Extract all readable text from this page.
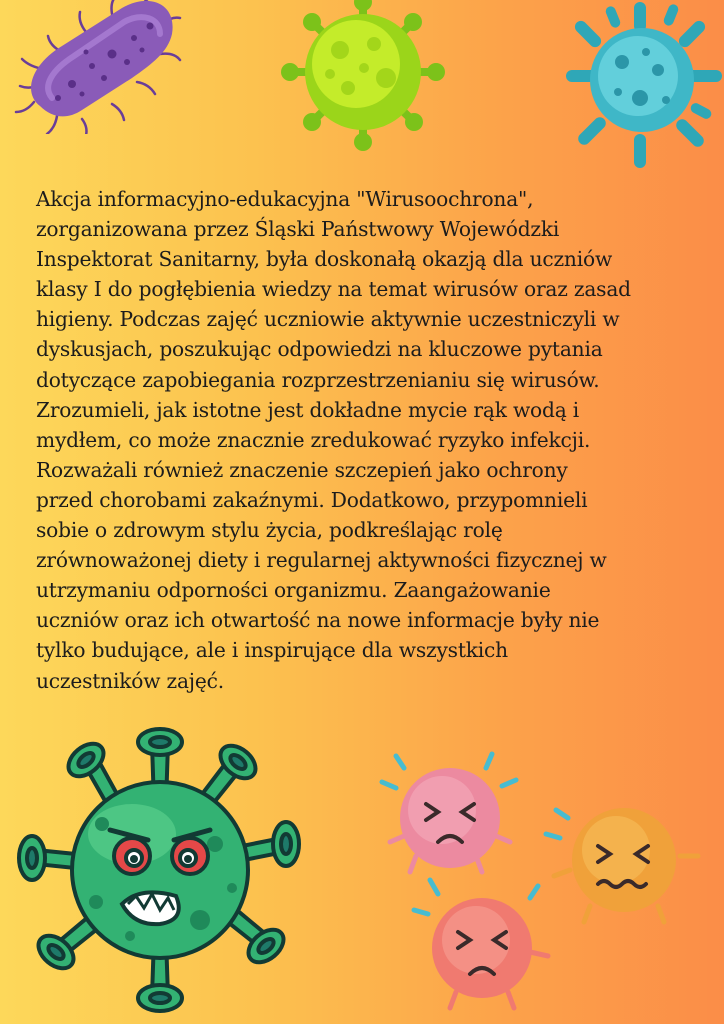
Akcja informacyjno-edukacyjna "Wirusoochrona",
zorganizowana przez Śląski Państwowy Wojewódzki
Inspektorat Sanitarny, była doskonałą okazją dla uczniów
klasy I do pogłębienia wiedzy na temat wirusów oraz zasad
higieny. Podczas zajęć uczniowie aktywnie uczestniczyli w
dyskusjach, poszukując odpowiedzi na kluczowe pytania
dotyczące zapobiegania rozprzestrzenianiu się wirusów.
Zrozumieli, jak istotne jest dokładne mycie rąk wodą i
mydłem, co może znacznie zredukować ryzyko infekcji.
Rozważali również znaczenie szczepień jako ochrony
przed chorobami zakaźnymi. Dodatkowo, przypomnieli
sobie o zdrowym stylu życia, podkreślając rolę
zrównoważonej diety i regularnej aktywności fizycznej w
utrzymaniu odporności organizmu. Zaangażowanie
uczniów oraz ich otwartość na nowe informacje były nie
tylko budujące, ale i inspirujące dla wszystkich
uczestników zajęć.
